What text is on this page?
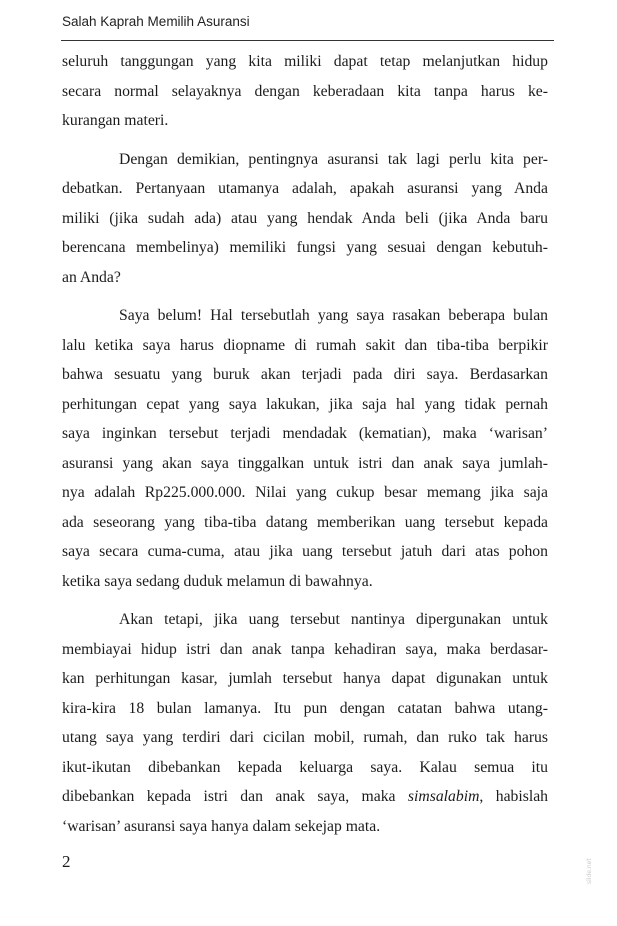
Salah Kaprah Memilih Asuransi
seluruh tanggungan yang kita miliki dapat tetap melanjutkan hidup
secara normal selayaknya dengan keberadaan kita tanpa harus ke-
kurangan materi.
Dengan demikian, pentingnya asuransi tak lagi perlu kita per-
debatkan. Pertanyaan utamanya adalah, apakah asuransi yang Anda
miliki (jika sudah ada) atau yang hendak Anda beli (jika Anda baru
berencana membelinya) memiliki fungsi yang sesuai dengan kebutuh-
an Anda?
Saya belum! Hal tersebutlah yang saya rasakan beberapa bulan
lalu ketika saya harus diopname di rumah sakit dan tiba-tiba berpikir
bahwa sesuatu yang buruk akan terjadi pada diri saya. Berdasarkan
perhitungan cepat yang saya lakukan, jika saja hal yang tidak pernah
saya inginkan tersebut terjadi mendadak (kematian), maka ‘warisan’
asuransi yang akan saya tinggalkan untuk istri dan anak saya jumlah-
nya adalah Rp225.000.000. Nilai yang cukup besar memang jika saja
ada seseorang yang tiba-tiba datang memberikan uang tersebut kepada
saya secara cuma-cuma, atau jika uang tersebut jatuh dari atas pohon
ketika saya sedang duduk melamun di bawahnya.
Akan tetapi, jika uang tersebut nantinya dipergunakan untuk
membiayai hidup istri dan anak tanpa kehadiran saya, maka berdasar-
kan perhitungan kasar, jumlah tersebut hanya dapat digunakan untuk
kira-kira 18 bulan lamanya. Itu pun dengan catatan bahwa utang-
utang saya yang terdiri dari cicilan mobil, rumah, dan ruko tak harus
ikut-ikutan dibebankan kepada keluarga saya. Kalau semua itu
dibebankan kepada istri dan anak saya, maka simsalabim, habislah
‘warisan’ asuransi saya hanya dalam sekejap mata.
2	slide.net
